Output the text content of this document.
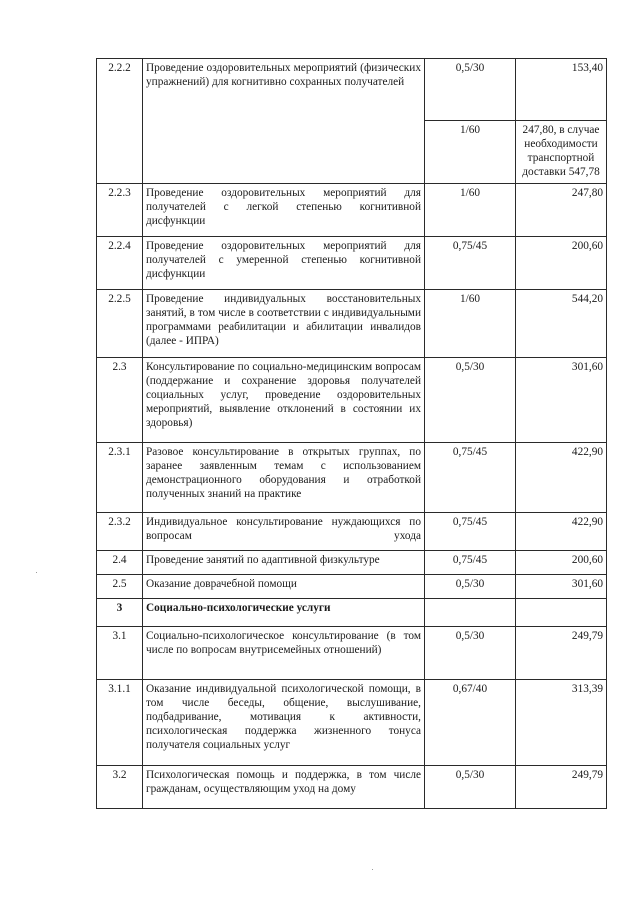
2.2.2	Проведение оздоровительных мероприятий (физических упражнений) для когнитивно сохранных получателей	0,5/30	153,40
		1/60	247,80, в случае необходимости транспортной доставки 547,78
2.2.3	Проведение оздоровительных мероприятий для получателей с легкой степенью когнитивной дисфункции	1/60	247,80
2.2.4	Проведение оздоровительных мероприятий для получателей с умеренной степенью когнитивной дисфункции	0,75/45	200,60
2.2.5	Проведение индивидуальных восстановительных занятий, в том числе в соответствии с индивидуальными программами реабилитации и абилитации инвалидов (далее - ИПРА)	1/60	544,20
2.3	Консультирование по социально-медицинским вопросам (поддержание и сохранение здоровья получателей социальных услуг, проведение оздоровительных мероприятий, выявление отклонений в состоянии их здоровья)	0,5/30	301,60
2.3.1	Разовое консультирование в открытых группах, по заранее заявленным темам с использованием демонстрационного оборудования и отработкой полученных знаний на практике	0,75/45	422,90
2.3.2	Индивидуальное консультирование нуждающихся по вопросам ухода	0,75/45	422,90
2.4	Проведение занятий по адаптивной физкультуре	0,75/45	200,60
2.5	Оказание доврачебной помощи	0,5/30	301,60
3	Социально-психологические услуги		
3.1	Социально-психологическое консультирование (в том числе по вопросам внутрисемейных отношений)	0,5/30	249,79
3.1.1	Оказание индивидуальной психологической помощи, в том числе беседы, общение, выслушивание, подбадривание, мотивация к активности, психологическая поддержка жизненного тонуса получателя социальных услуг	0,67/40	313,39
3.2	Психологическая помощь и поддержка, в том числе гражданам, осуществляющим уход на дому	0,5/30	249,79
